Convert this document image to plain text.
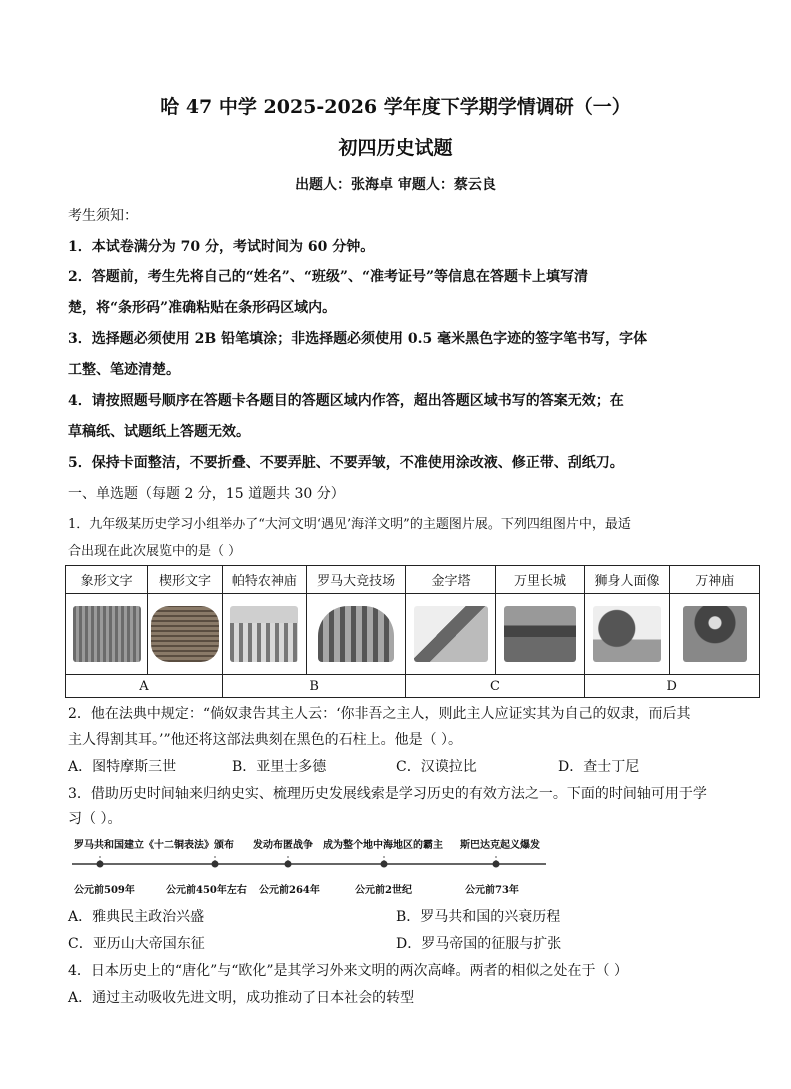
哈 47 中学 2025-2026 学年度下学期学情调研（一）
初四历史试题
出题人：张海卓 审题人：蔡云良
考生须知：
1．本试卷满分为 70 分，考试时间为 60 分钟。
2．答题前，考生先将自己的“姓名”、“班级”、“准考证号”等信息在答题卡上填写清
楚，将“条形码”准确粘贴在条形码区域内。
3．选择题必须使用 2B 铅笔填涂；非选择题必须使用 0.5 毫米黑色字迹的签字笔书写，字体
工整、笔迹清楚。
4．请按照题号顺序在答题卡各题目的答题区域内作答，超出答题区域书写的答案无效；在
草稿纸、试题纸上答题无效。
5．保持卡面整洁，不要折叠、不要弄脏、不要弄皱，不准使用涂改液、修正带、刮纸刀。
一、单选题（每题 2 分，15 道题共 30 分）
1．九年级某历史学习小组举办了“大河文明‘遇见’海洋文明”的主题图片展。下列四组图片中，最适
合出现在此次展览中的是（ ）
象形文字	楔形文字	帕特农神庙	罗马大竞技场	金字塔	万里长城	狮身人面像	万神庙

A		B		C		D	
2．他在法典中规定：“倘奴隶告其主人云：‘你非吾之主人，则此主人应证实其为自己的奴隶，而后其
主人得割其耳。’”他还将这部法典刻在黑色的石柱上。他是（ ）。
A．图特摩斯三世	B．亚里士多德	C．汉谟拉比	D．查士丁尼
3．借助历史时间轴来归纳史实、梳理历史发展线索是学习历史的有效方法之一。下面的时间轴可用于学
习（ ）。
罗马共和国建立《十二铜表法》颁布 发动布匿战争 成为整个地中海地区的霸主 斯巴达克起义爆发
公元前509年	公元前450年左右 公元前264年	公元前2世纪	公元前73年
A．雅典民主政治兴盛	B．罗马共和国的兴衰历程
C．亚历山大帝国东征	D．罗马帝国的征服与扩张
4．日本历史上的“唐化”与“欧化”是其学习外来文明的两次高峰。两者的相似之处在于（ ）
A．通过主动吸收先进文明，成功推动了日本社会的转型
